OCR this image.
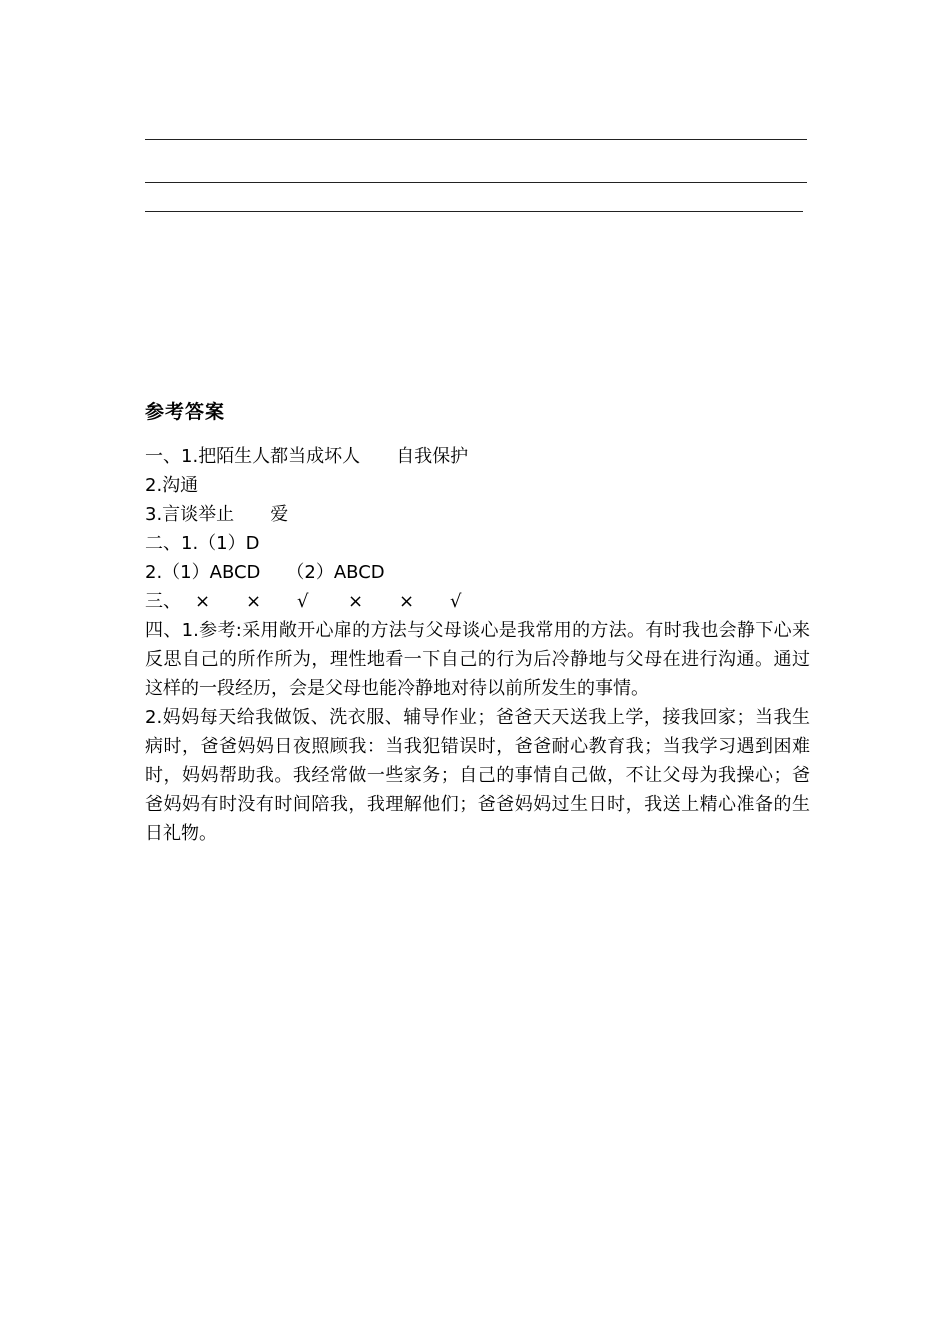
参考答案
一、1.把陌生人都当成坏人 自我保护
2.沟通
3.言谈举止 爱
二、1.（1）D
2.（1）ABCD （2）ABCD
三、 × × √ × × √
四、1.参考:采用敞开心扉的方法与父母谈心是我常用的方法。有时我也会静下心来反思自己的所作所为，理性地看一下自己的行为后冷静地与父母在进行沟通。通过这样的一段经历，会是父母也能冷静地对待以前所发生的事情。
2.妈妈每天给我做饭、洗衣服、辅导作业；爸爸天天送我上学，接我回家；当我生病时，爸爸妈妈日夜照顾我：当我犯错误时，爸爸耐心教育我；当我学习遇到困难时，妈妈帮助我。我经常做一些家务；自己的事情自己做，不让父母为我操心；爸爸妈妈有时没有时间陪我，我理解他们；爸爸妈妈过生日时，我送上精心准备的生日礼物。
